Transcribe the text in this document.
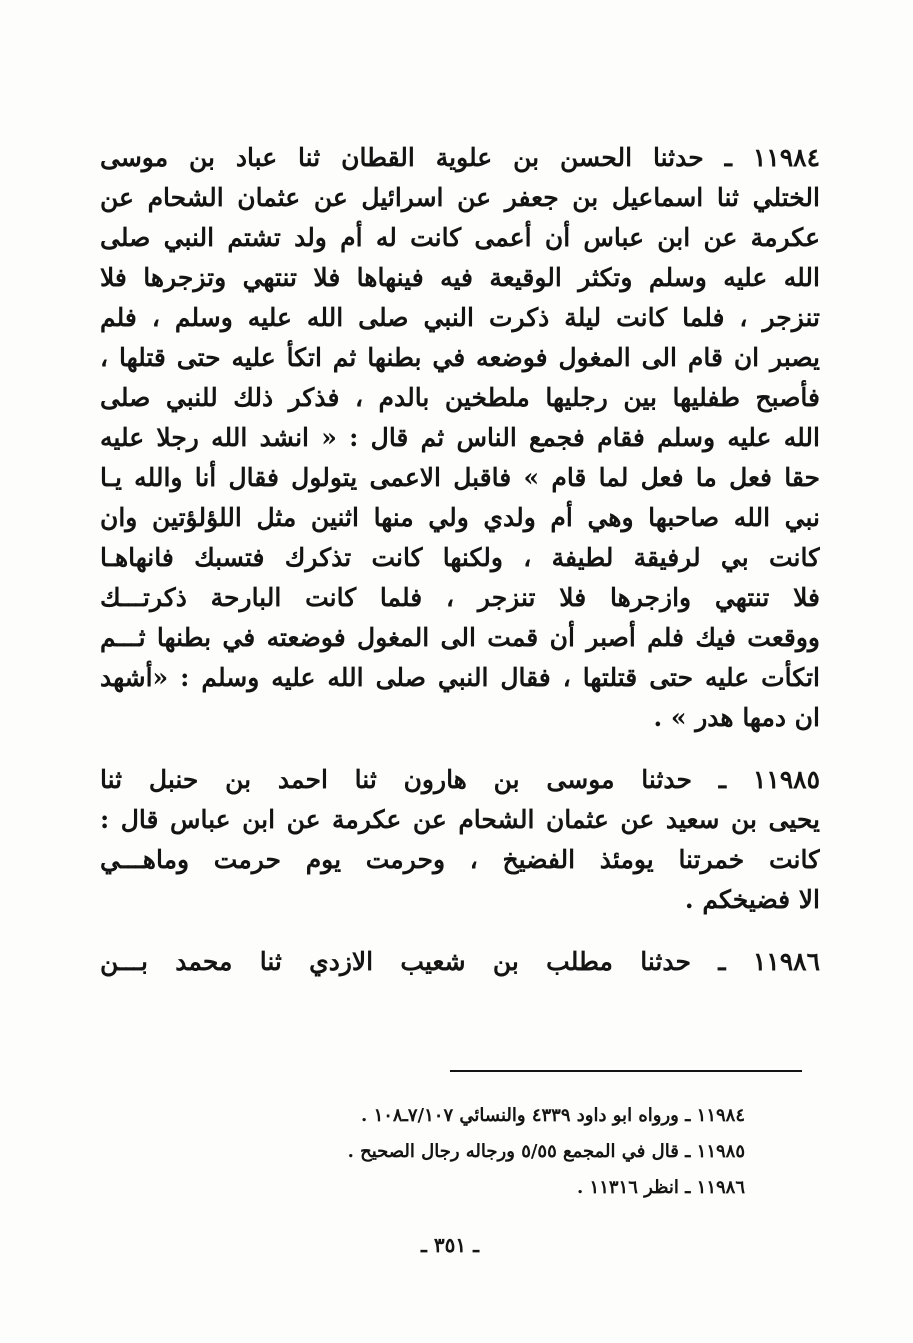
١١٩٨٤ ـ حدثنا الحسن بن علوية القطان ثنا عباد بن موسى
الختلي ثنا اسماعيل بن جعفر عن اسرائيل عن عثمان الشحام عن
عكرمة عن ابن عباس أن أعمى كانت له أم ولد تشتم النبي صلى
الله عليه وسلم وتكثر الوقيعة فيه فينهاها فلا تنتهي وتزجرها فلا
تنزجر ، فلما كانت ليلة ذكرت النبي صلى الله عليه وسلم ، فلم
يصبر ان قام الى المغول فوضعه في بطنها ثم اتكأ عليه حتى قتلها ،
فأصبح طفليها بين رجليها ملطخين بالدم ، فذكر ذلك للنبي صلى
الله عليه وسلم فقام فجمع الناس ثم قال : « انشد الله رجلا عليه
حقا فعل ما فعل لما قام » فاقبل الاعمى يتولول فقال أنا والله يـا
نبي الله صاحبها وهي أم ولدي ولي منها اثنين مثل اللؤلؤتين وان
كانت بي لرفيقة لطيفة ، ولكنها كانت تذكرك فتسبك فانهاهـا
فلا تنتهي وازجرها فلا تنزجر ، فلما كانت البارحة ذكرتـــك
ووقعت فيك فلم أصبر أن قمت الى المغول فوضعته في بطنها ثـــم
اتكأت عليه حتى قتلتها ، فقال النبي صلى الله عليه وسلم : «أشهد
ان دمها هدر » .
١١٩٨٥ ـ حدثنا موسى بن هارون ثنا احمد بن حنبل ثنا
يحيى بن سعيد عن عثمان الشحام عن عكرمة عن ابن عباس قال :
كانت خمرتنا يومئذ الفضيخ ، وحرمت يوم حرمت وماهـــي
الا فضيخكم .
١١٩٨٦ ـ حدثنا مطلب بن شعيب الازدي ثنا محمد بـــن
١١٩٨٤ ـ ورواه ابو داود ٤٣٣٩ والنسائي ٧/١٠٧ـ١٠٨ .
١١٩٨٥ ـ قال في المجمع ٥/٥٥ ورجاله رجال الصحيح .
١١٩٨٦ ـ انظر ١١٣١٦ .
ـ ٣٥١ ـ
